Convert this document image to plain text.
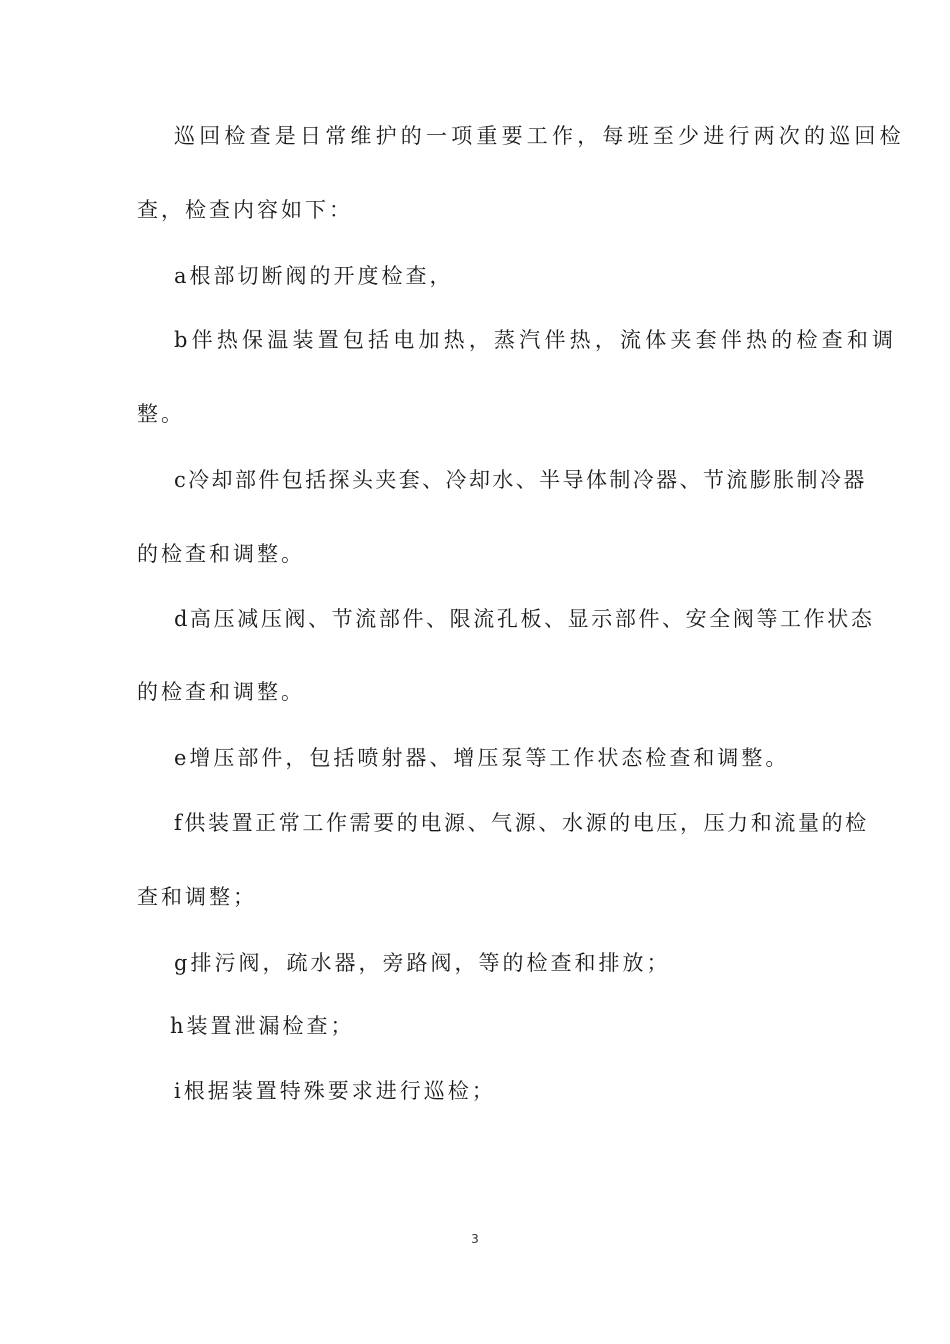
巡回检查是日常维护的一项重要工作，每班至少进行两次的巡回检
查，检查内容如下：
a根部切断阀的开度检查，
b伴热保温装置包括电加热，蒸汽伴热，流体夹套伴热的检查和调
整。
c冷却部件包括探头夹套、冷却水、半导体制冷器、节流膨胀制冷器
的检查和调整。
d高压减压阀、节流部件、限流孔板、显示部件、安全阀等工作状态
的检查和调整。
e增压部件，包括喷射器、增压泵等工作状态检查和调整。
f供装置正常工作需要的电源、气源、水源的电压，压力和流量的检
查和调整；
g排污阀，疏水器，旁路阀，等的检查和排放；
h装置泄漏检查；
i根据装置特殊要求进行巡检；
3
